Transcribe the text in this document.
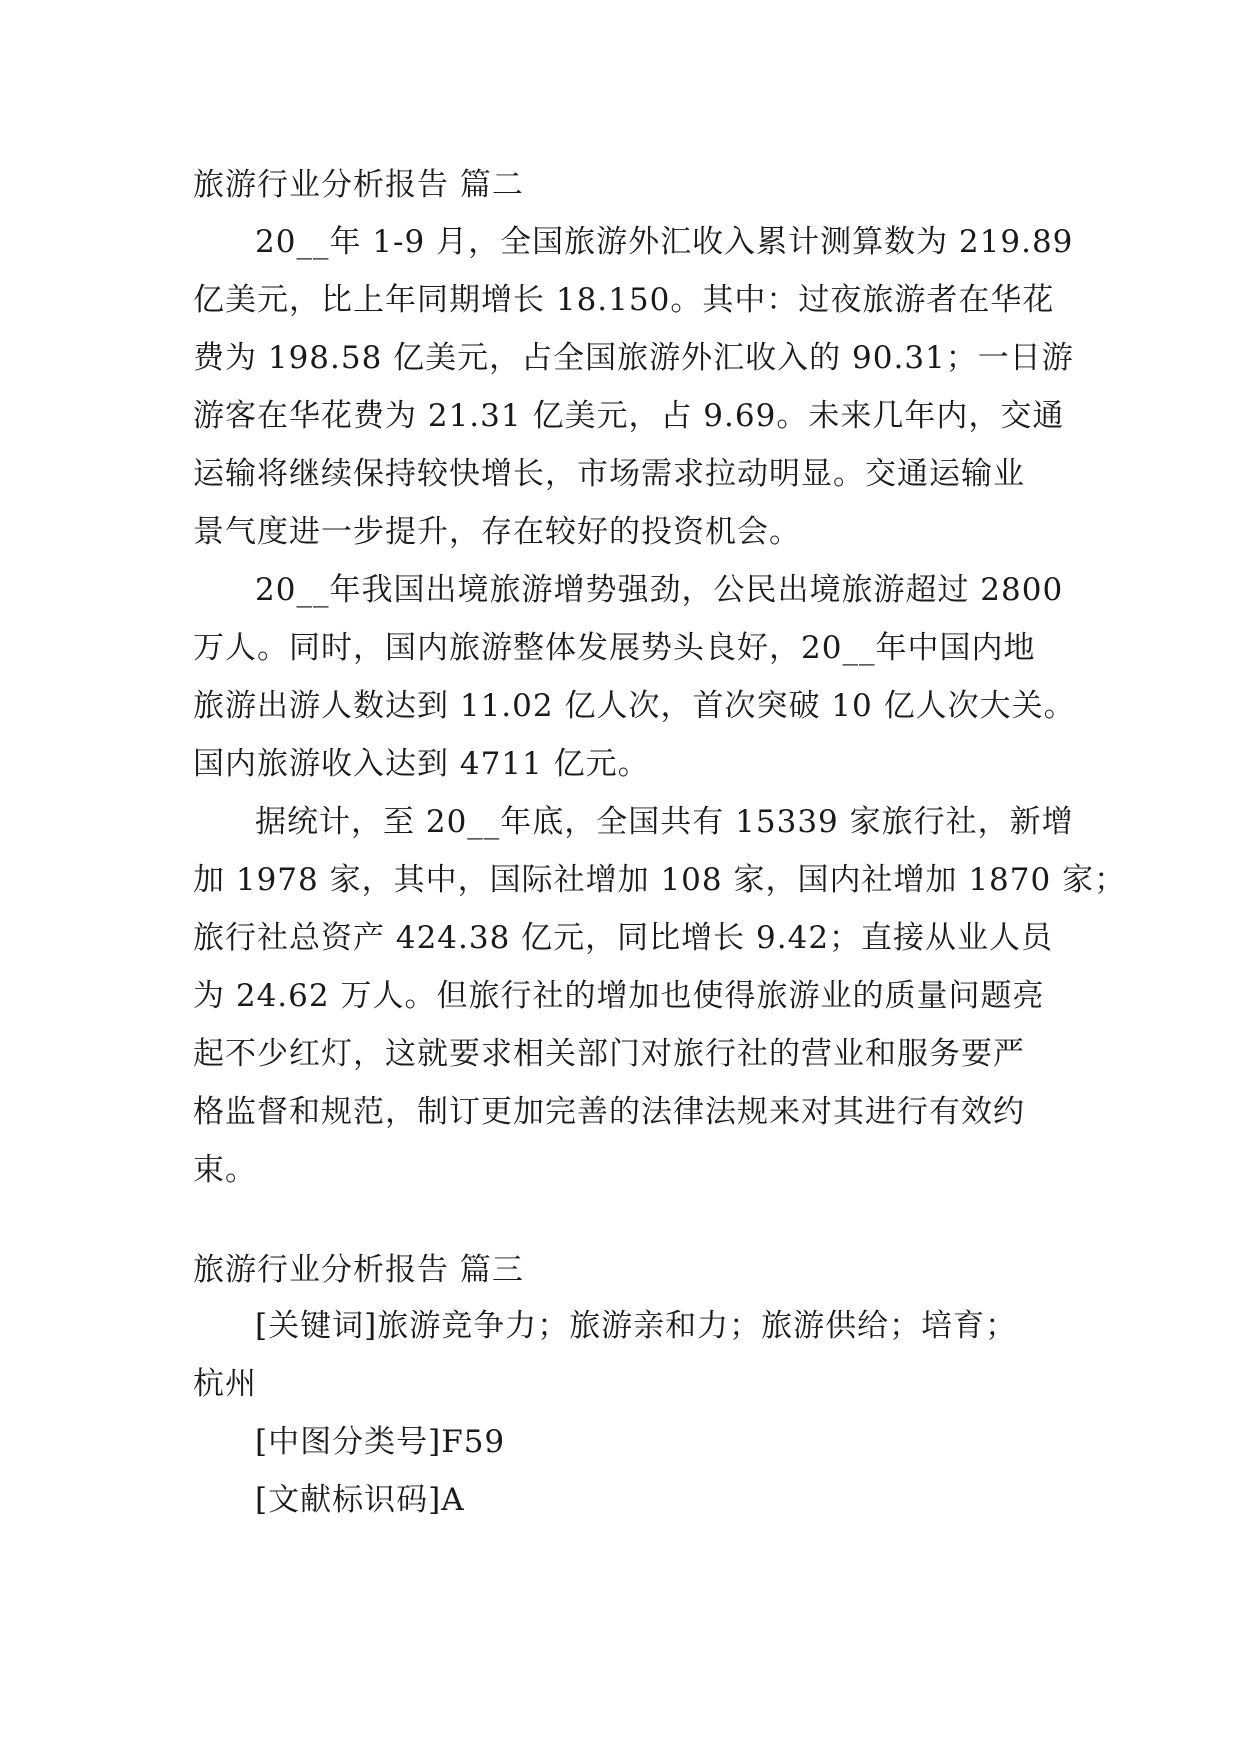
旅游行业分析报告 篇二
20__年 1-9 月，全国旅游外汇收入累计测算数为 219.89
亿美元，比上年同期增长 18.150。其中：过夜旅游者在华花
费为 198.58 亿美元，占全国旅游外汇收入的 90.31；一日游
游客在华花费为 21.31 亿美元，占 9.69。未来几年内，交通
运输将继续保持较快增长，市场需求拉动明显。交通运输业
景气度进一步提升，存在较好的投资机会。
20__年我国出境旅游增势强劲，公民出境旅游超过 2800
万人。同时，国内旅游整体发展势头良好，20__年中国内地
旅游出游人数达到 11.02 亿人次，首次突破 10 亿人次大关。
国内旅游收入达到 4711 亿元。
据统计，至 20__年底，全国共有 15339 家旅行社，新增
加 1978 家，其中，国际社增加 108 家，国内社增加 1870 家；
旅行社总资产 424.38 亿元，同比增长 9.42；直接从业人员
为 24.62 万人。但旅行社的增加也使得旅游业的质量问题亮
起不少红灯，这就要求相关部门对旅行社的营业和服务要严
格监督和规范，制订更加完善的法律法规来对其进行有效约
束。
旅游行业分析报告 篇三
[关键词]旅游竞争力；旅游亲和力；旅游供给；培育；
杭州
[中图分类号]F59
[文献标识码]A
